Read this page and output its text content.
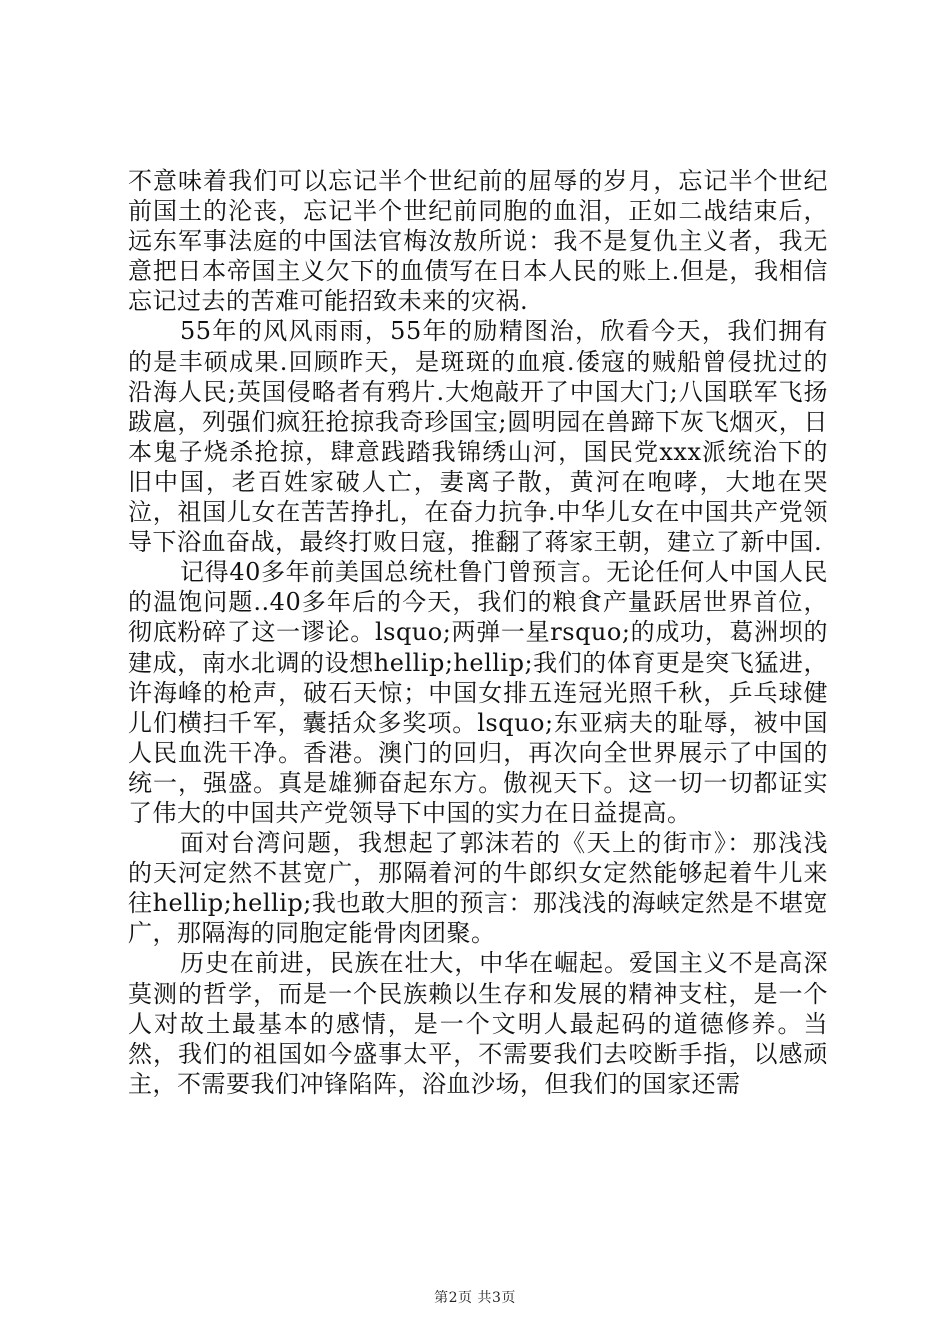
不意味着我们可以忘记半个世纪前的屈辱的岁月，忘记半个世纪前国土的沦丧，忘记半个世纪前同胞的血泪，正如二战结束后，远东军事法庭的中国法官梅汝敖所说：我不是复仇主义者，我无意把日本帝国主义欠下的血债写在日本人民的账上.但是，我相信忘记过去的苦难可能招致未来的灾祸.

55年的风风雨雨，55年的励精图治，欣看今天，我们拥有的是丰硕成果.回顾昨天，是斑斑的血痕.倭寇的贼船曾侵扰过的沿海人民;英国侵略者有鸦片.大炮敲开了中国大门;八国联军飞扬跋扈，列强们疯狂抢掠我奇珍国宝;圆明园在兽蹄下灰飞烟灭，日本鬼子烧杀抢掠，肆意践踏我锦绣山河，国民党xxx派统治下的旧中国，老百姓家破人亡，妻离子散，黄河在咆哮，大地在哭泣，祖国儿女在苦苦挣扎，在奋力抗争.中华儿女在中国共产党领导下浴血奋战，最终打败日寇，推翻了蒋家王朝，建立了新中国.

记得40多年前美国总统杜鲁门曾预言。无论任何人中国人民的温饱问题..40多年后的今天，我们的粮食产量跃居世界首位，彻底粉碎了这一谬论。lsquo;两弹一星rsquo;的成功，葛洲坝的建成，南水北调的设想hellip;hellip;我们的体育更是突飞猛进，许海峰的枪声，破石天惊；中国女排五连冠光照千秋，乒乓球健儿们横扫千军，囊括众多奖项。lsquo;东亚病夫的耻辱，被中国人民血洗干净。香港。澳门的回归，再次向全世界展示了中国的统一，强盛。真是雄狮奋起东方。傲视天下。这一切一切都证实了伟大的中国共产党领导下中国的实力在日益提高。

面对台湾问题，我想起了郭沫若的《天上的街市》：那浅浅的天河定然不甚宽广，那隔着河的牛郎织女定然能够起着牛儿来往hellip;hellip;我也敢大胆的预言：那浅浅的海峡定然是不堪宽广，那隔海的同胞定能骨肉团聚。

历史在前进，民族在壮大，中华在崛起。爱国主义不是高深莫测的哲学，而是一个民族赖以生存和发展的精神支柱，是一个人对故土最基本的感情，是一个文明人最起码的道德修养。当然，我们的祖国如今盛事太平，不需要我们去咬断手指，以感顽主，不需要我们冲锋陷阵，浴血沙场，但我们的国家还需

第2页 共3页
